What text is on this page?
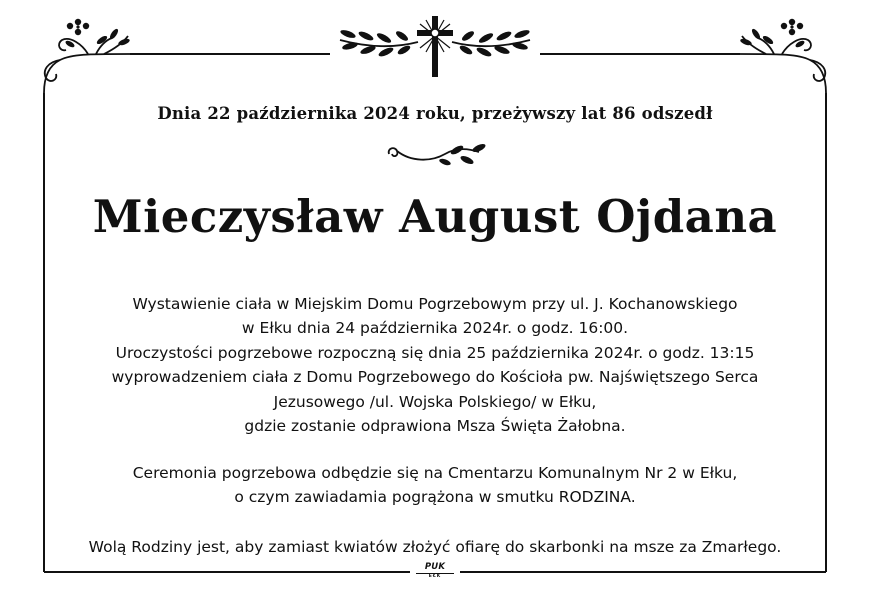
Dnia 22 października 2024 roku, przeżywszy lat 86 odszedł
Mieczysław August Ojdana
Wystawienie ciała w Miejskim Domu Pogrzebowym przy ul. J. Kochanowskiego
w Ełku dnia 24 października 2024r. o godz. 16:00.
Uroczystości pogrzebowe rozpoczną się dnia 25 października 2024r. o godz. 13:15
wyprowadzeniem ciała z Domu Pogrzebowego do Kościoła pw. Najświętszego Serca
Jezusowego /ul. Wojska Polskiego/ w Ełku,
gdzie zostanie odprawiona Msza Święta Żałobna.
Ceremonia pogrzebowa odbędzie się na Cmentarzu Komunalnym Nr 2 w Ełku,
o czym zawiadamia pogrążona w smutku RODZINA.
Wolą Rodziny jest, aby zamiast kwiatów złożyć ofiarę do skarbonki na msze za Zmarłego.
PUK
EŁK
